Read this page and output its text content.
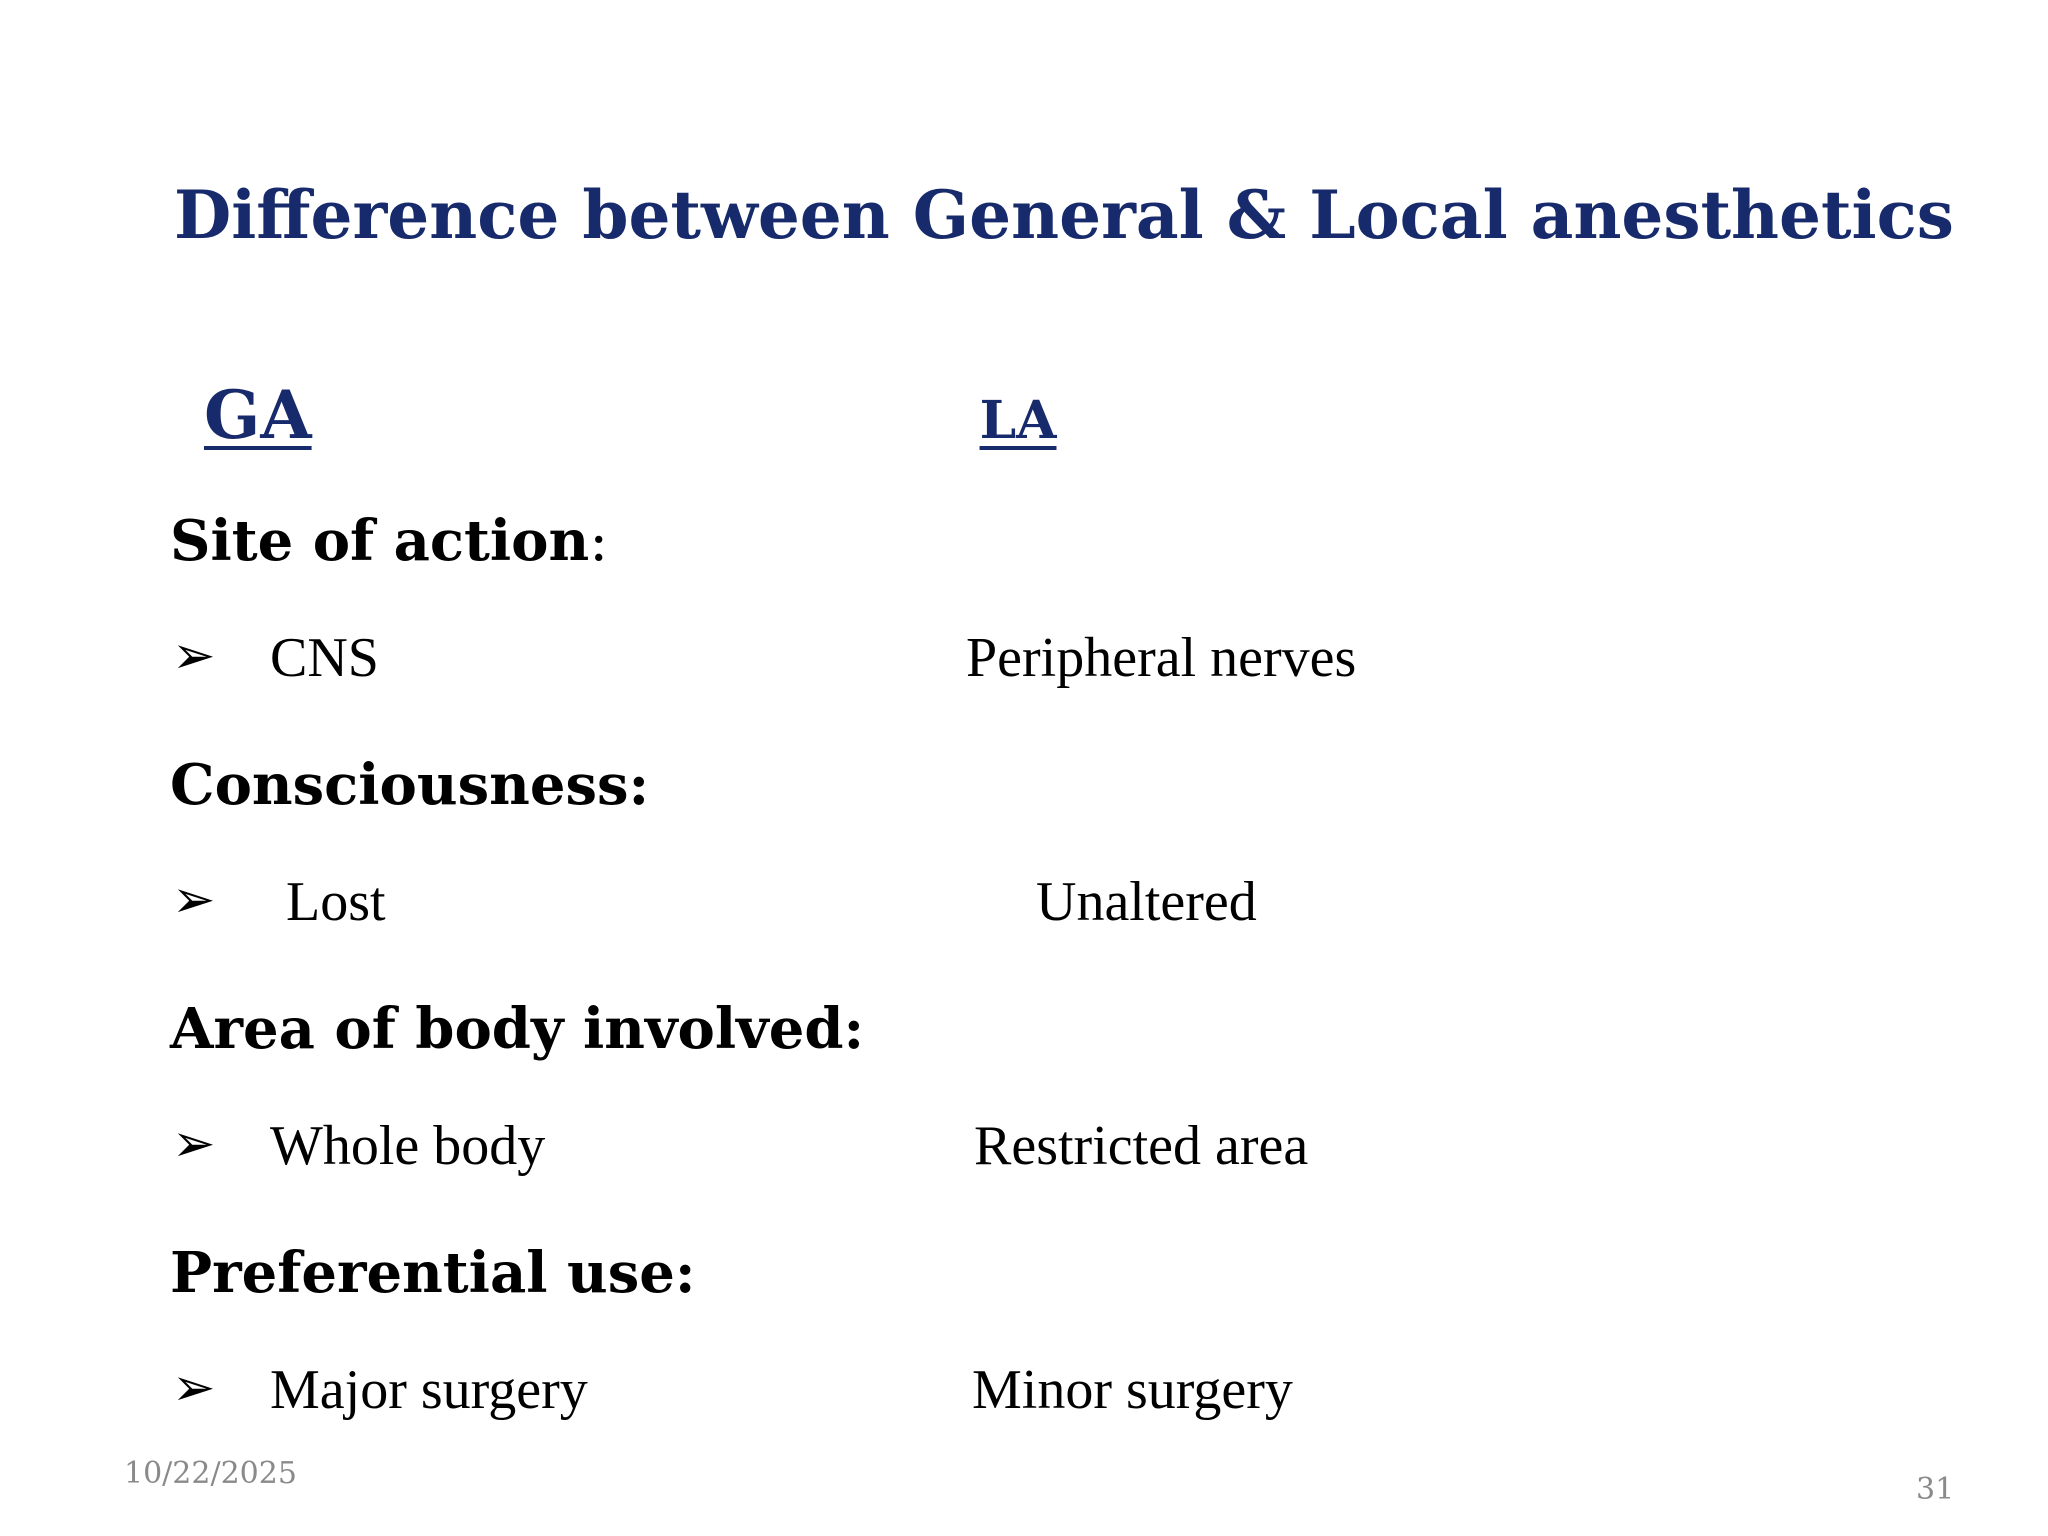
Difference between General & Local anesthetics
GA	LA
Site of action:
➢ CNS	Peripheral nerves
Consciousness:
➢ Lost	Unaltered
Area of body involved:
➢ Whole body	Restricted area
Preferential use:
➢ Major surgery	Minor surgery
10/22/2025	31
